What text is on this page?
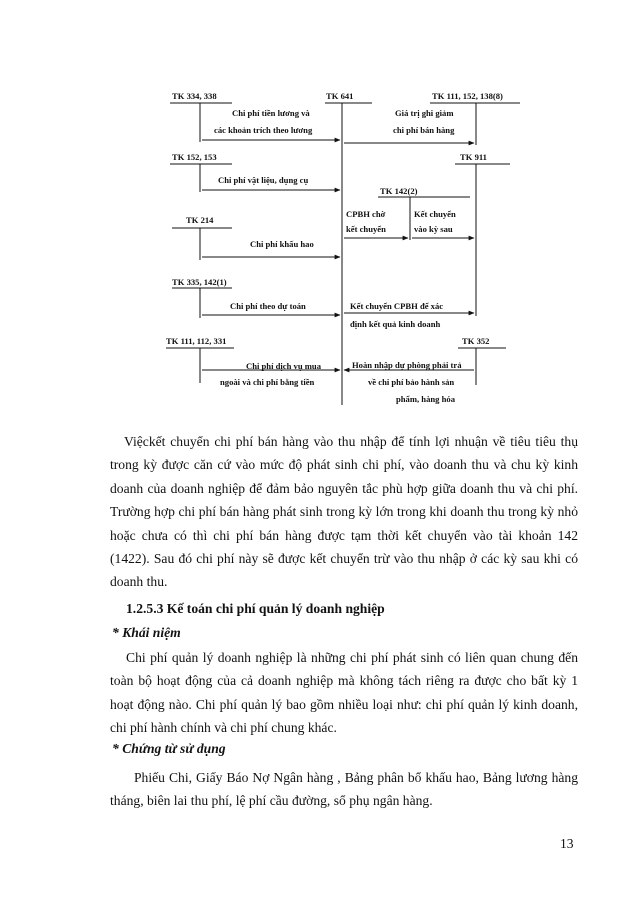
TK 334, 338	TK 641	TK 111, 152, 138(8)
TK 152, 153	TK 911
TK 142(2)
TK 214
TK 335, 142(1)
TK 111, 112, 331	TK 352
Chi phí tiền lương và
các khoản trích theo lương
Giá trị ghi giảm
chi phí bán hàng
Chi phí vật liệu, dụng cụ
CPBH chờ
kết chuyển
Kết chuyển
vào kỳ sau
Chi phí khấu hao
Chi phí theo dự toán	Kết chuyển CPBH để xác
định kết quả kinh doanh
Chi phí dịch vụ mua
ngoài và chi phí bằng tiền
Hoàn nhập dự phòng phải trả
về chi phí bảo hành sản
phẩm, hàng hóa
Việckết chuyển chi phí bán hàng vào thu nhập để tính lợi nhuận về tiêu tiêu thụ trong kỳ được căn cứ vào mức độ phát sinh chi phí, vào doanh thu và chu kỳ kinh doanh của doanh nghiệp để đảm bảo nguyên tắc phù hợp giữa doanh thu và chi phí. Trường hợp chi phí bán hàng phát sinh trong kỳ lớn trong khi doanh thu trong kỳ nhỏ hoặc chưa có thì chi phí bán hàng được tạm thời kết chuyển vào tài khoản 142 (1422). Sau đó chi phí này sẽ được kết chuyển trừ vào thu nhập ở các kỳ sau khi có doanh thu.
1.2.5.3 Kế toán chi phí quản lý doanh nghiệp
* Khái niệm
Chi phí quản lý doanh nghiệp là những chi phí phát sinh có liên quan chung đến toàn bộ hoạt động của cả doanh nghiệp mà không tách riêng ra được cho bất kỳ 1 hoạt động nào. Chi phí quản lý bao gồm nhiều loại như: chi phí quản lý kinh doanh, chi phí hành chính và chi phí chung khác.
* Chứng từ sử dụng
Phiếu Chi, Giấy Báo Nợ Ngân hàng , Bảng phân bổ khấu hao, Bảng lương hàng tháng, biên lai thu phí, lệ phí cầu đường, sổ phụ ngân hàng.
13
